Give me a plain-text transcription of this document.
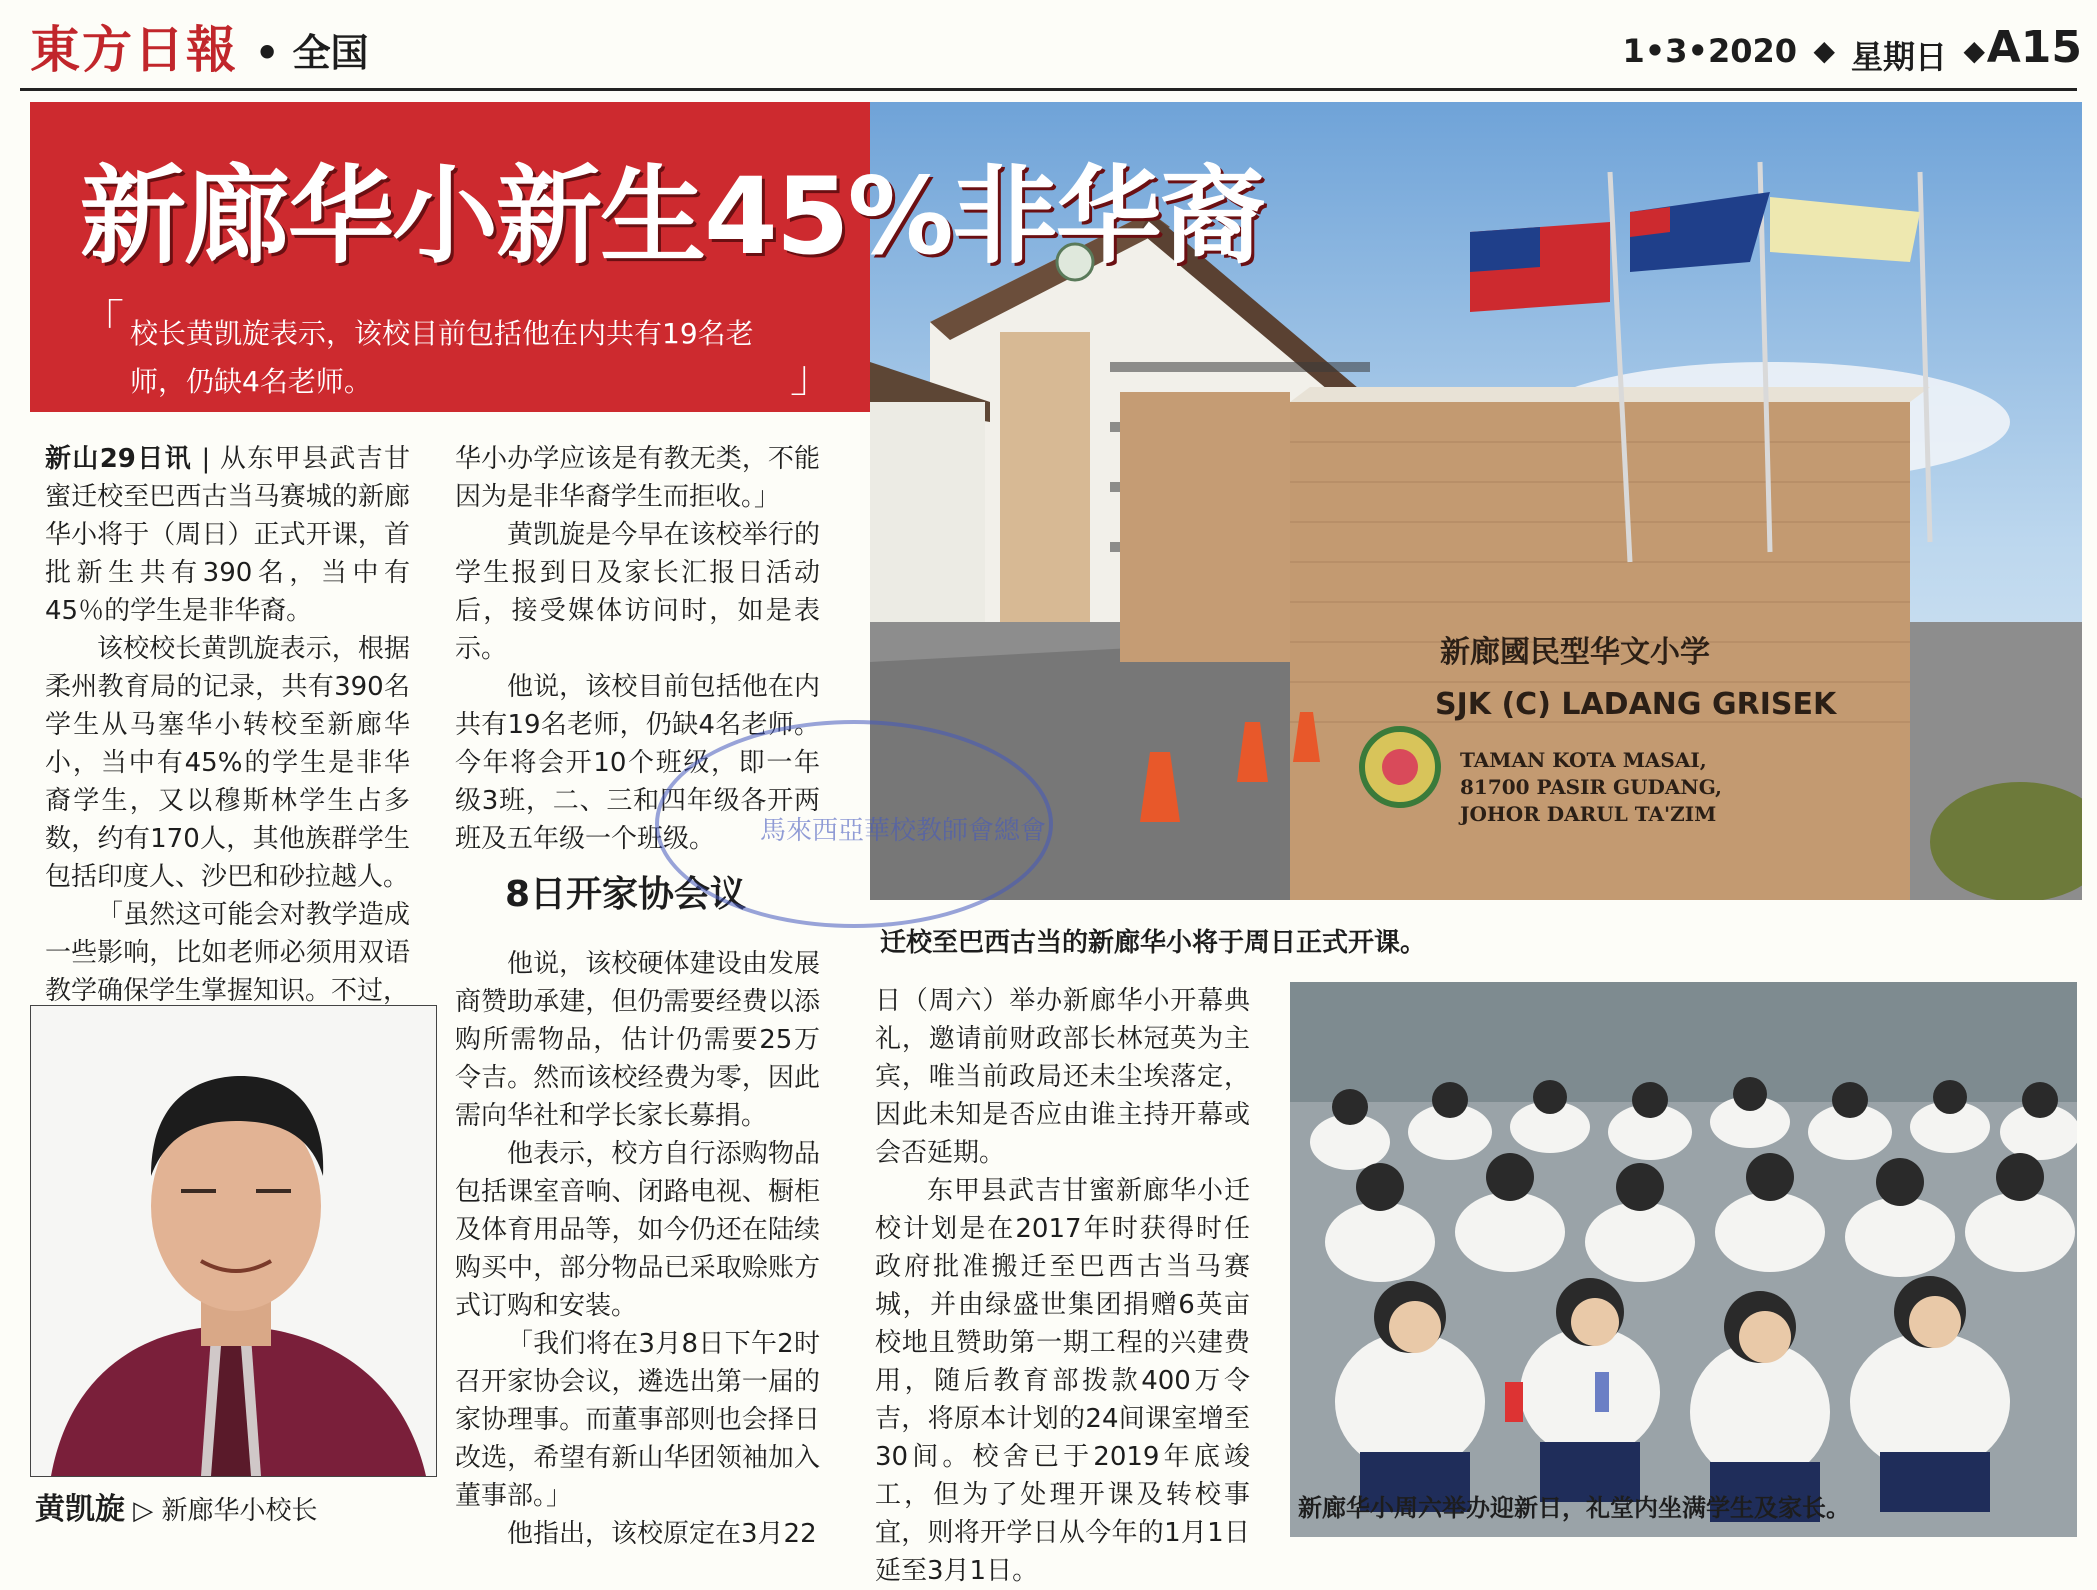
東方日報 • 全国	1•3•2020 ◆ 星期日 ◆ A15
新廊國民型华文小学
SJK (C) LADANG GRISEK
TAMAN KOTA MASAI,
81700 PASIR GUDANG,
JOHOR DARUL TA'ZIM
新廊华小新生45%非华裔
「 校长黄凯旋表示，该校目前包括他在内共有19名老师，仍缺4名老师。	」

新山29日讯 | 从东甲县武吉甘蜜迁校至巴西古当马赛城的新廊华小将于（周日）正式开课，首批新生共有390名，当中有45％的学生是非华裔。

该校校长黄凯旋表示，根据柔州教育局的记录，共有390名学生从马塞华小转校至新廊华小，当中有45%的学生是非华裔学生，又以穆斯林学生占多数，约有170人，其他族群学生包括印度人、沙巴和砂拉越人。

「虽然这可能会对教学造成一些影响，比如老师必须用双语教学确保学生掌握知识。不过，

华小办学应该是有教无类，不能因为是非华裔学生而拒收。」

黄凯旋是今早在该校举行的学生报到日及家长汇报日活动后，接受媒体访问时，如是表示。

他说，该校目前包括他在内共有19名老师，仍缺4名老师。今年将会开10个班级，即一年级3班，二、三和四年级各开两班及五年级一个班级。

8日开家协会议

他说，该校硬体建设由发展商赞助承建，但仍需要经费以添购所需物品，估计仍需要25万令吉。然而该校经费为零，因此需向华社和学长家长募捐。

他表示，校方自行添购物品包括课室音响、闭路电视、橱柜及体育用品等，如今仍还在陆续购买中，部分物品已采取赊账方式订购和安装。

「我们将在3月8日下午2时召开家协会议，遴选出第一届的家协理事。而董事部则也会择日改选，希望有新山华团领袖加入董事部。」

他指出，该校原定在3月22

迁校至巴西古当的新廊华小将于周日正式开课。

日（周六）举办新廊华小开幕典礼，邀请前财政部长林冠英为主宾，唯当前政局还未尘埃落定，因此未知是否应由谁主持开幕或会否延期。

东甲县武吉甘蜜新廊华小迁校计划是在2017年时获得时任政府批准搬迁至巴西古当马赛城，并由绿盛世集团捐赠6英亩校地且赞助第一期工程的兴建费用，随后教育部拨款400万令吉，将原本计划的24间课室增至30间。校舍已于2019年底竣工，但为了处理开课及转校事宜，则将开学日从今年的1月1日延至3月1日。

新廊华小周六举办迎新日，礼堂内坐满学生及家长。
黄凯旋 ▷ 新廊华小校长
馬來西亞華校教師會總會
